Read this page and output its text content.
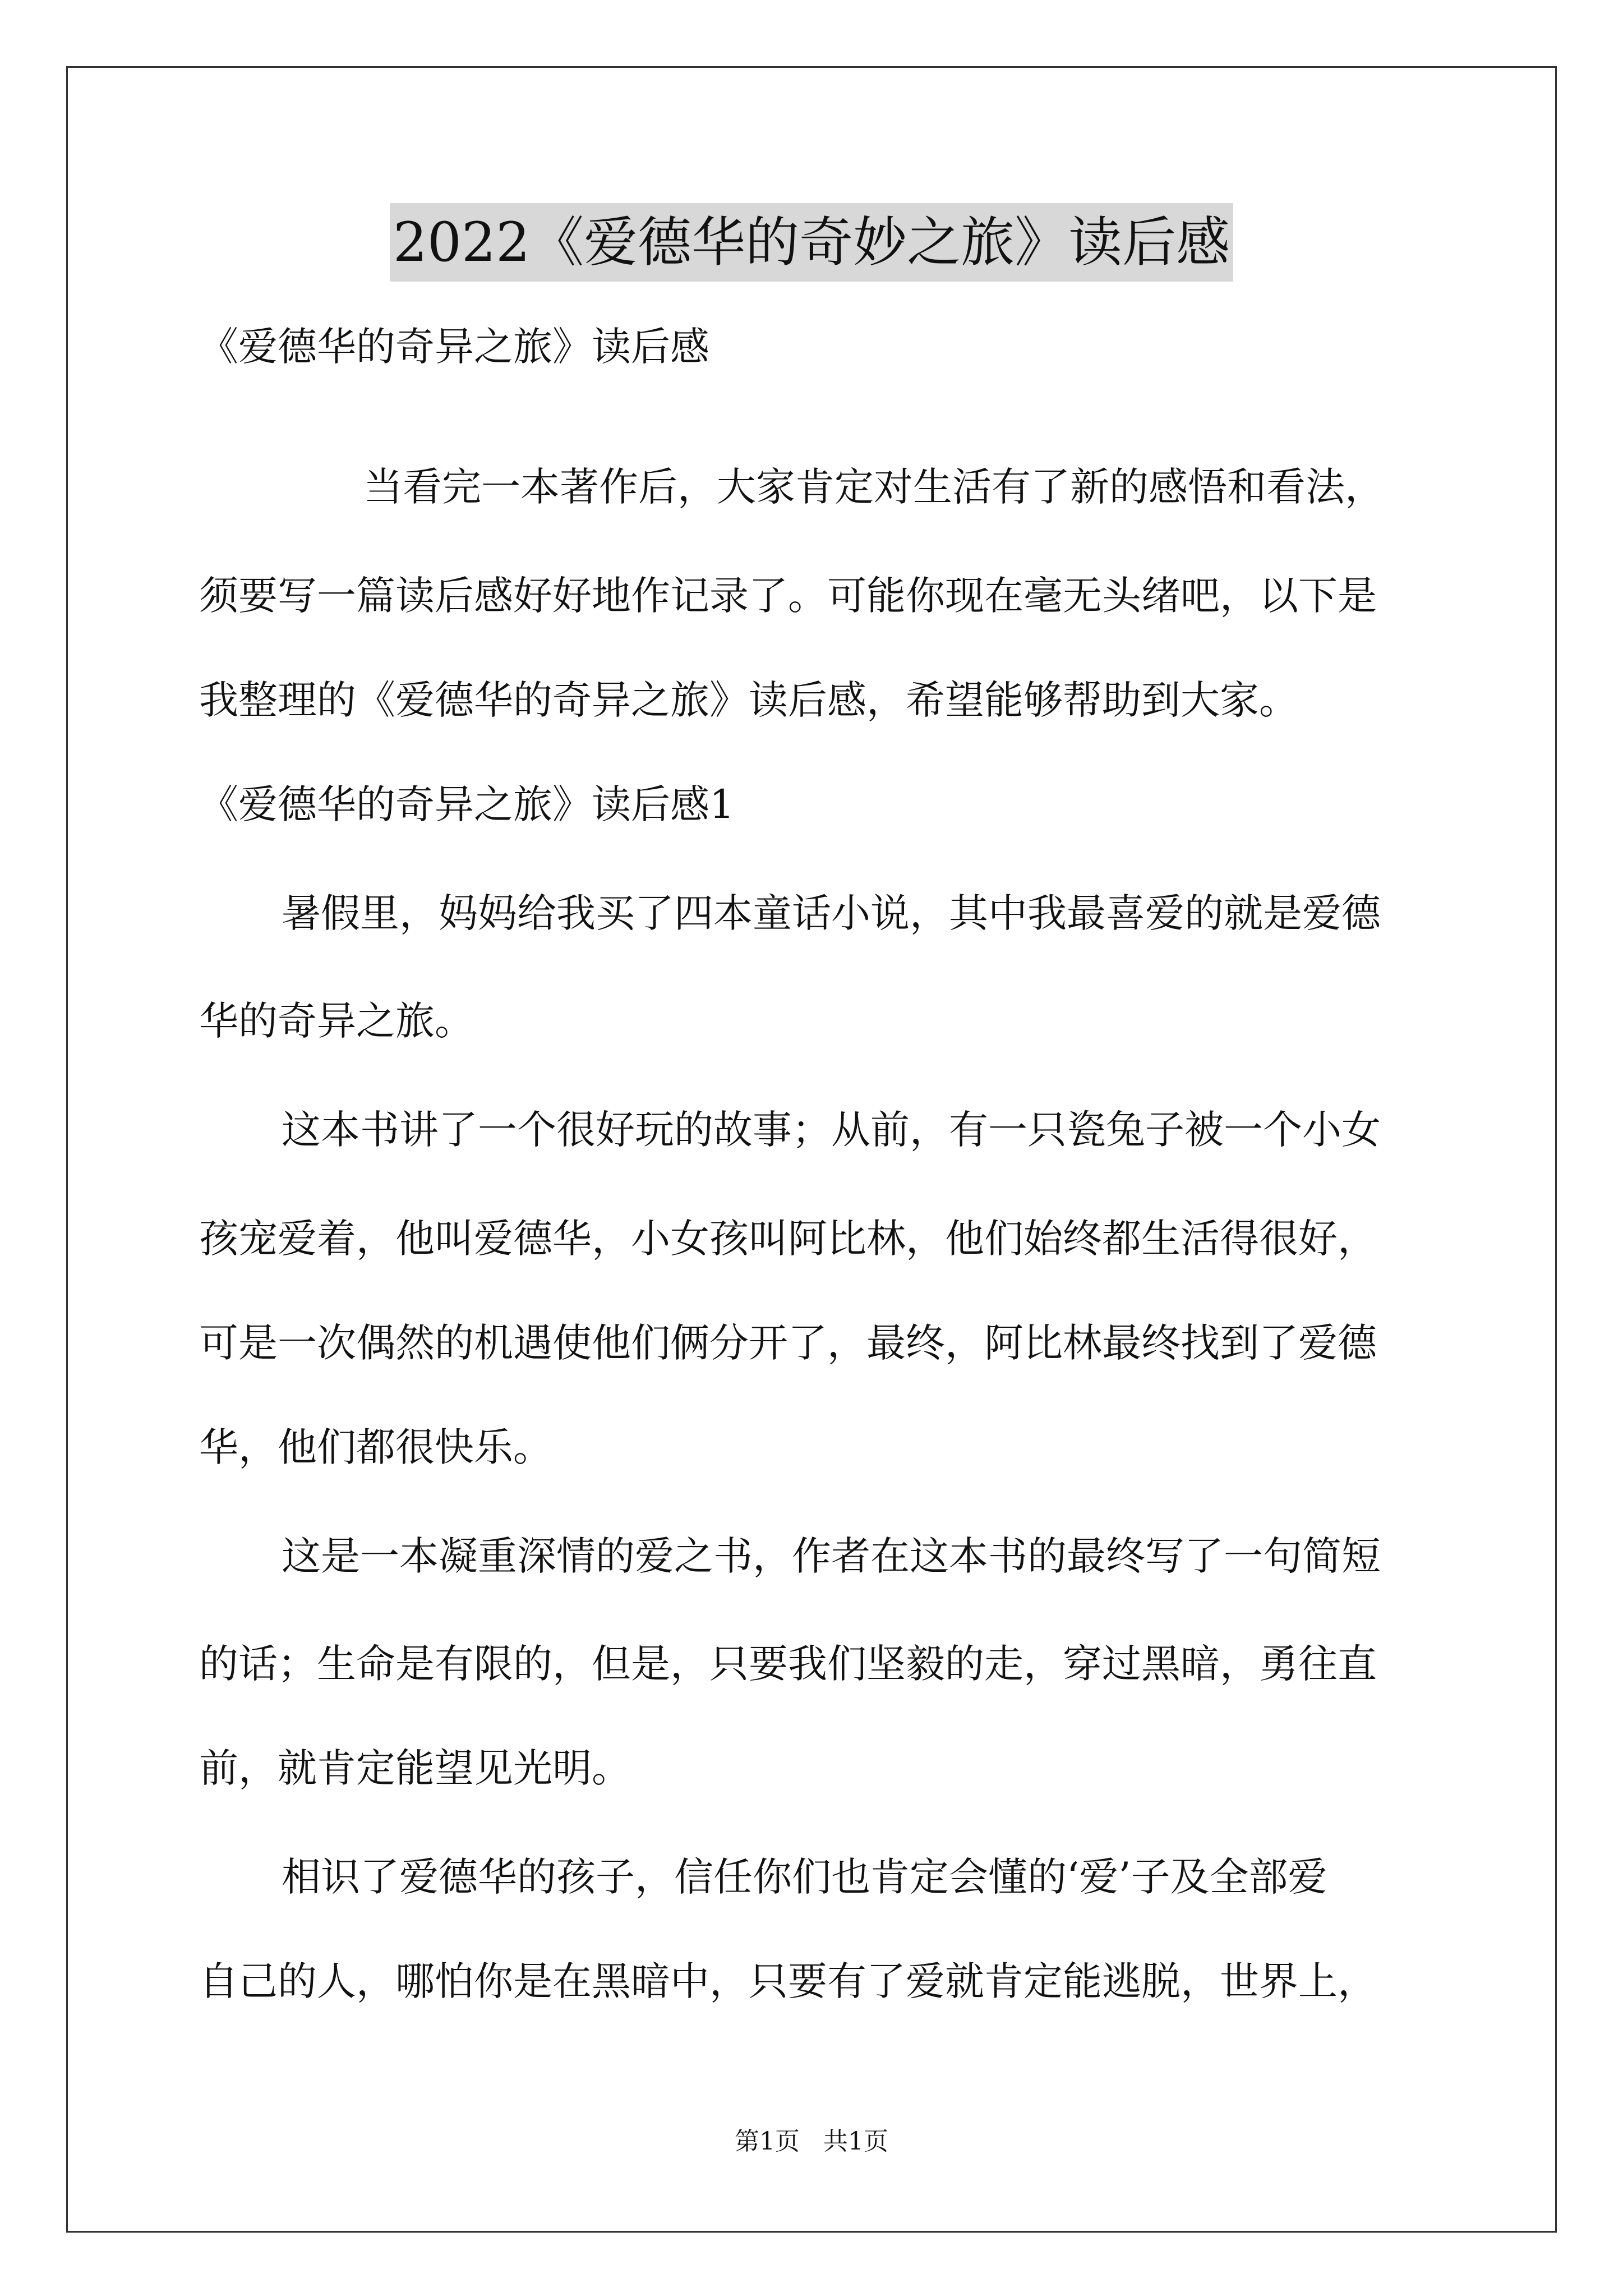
2022《爱德华的奇妙之旅》读后感
《爱德华的奇异之旅》读后感
当看完一本著作后，大家肯定对生活有了新的感悟和看法，
须要写一篇读后感好好地作记录了。可能你现在毫无头绪吧，以下是
我整理的《爱德华的奇异之旅》读后感，希望能够帮助到大家。
《爱德华的奇异之旅》读后感1
暑假里，妈妈给我买了四本童话小说，其中我最喜爱的就是爱德
华的奇异之旅。
这本书讲了一个很好玩的故事；从前，有一只瓷兔子被一个小女
孩宠爱着，他叫爱德华，小女孩叫阿比林，他们始终都生活得很好，
可是一次偶然的机遇使他们俩分开了，最终，阿比林最终找到了爱德
华，他们都很快乐。
这是一本凝重深情的爱之书，作者在这本书的最终写了一句简短
的话；生命是有限的，但是，只要我们坚毅的走，穿过黑暗，勇往直
前，就肯定能望见光明。
相识了爱德华的孩子，信任你们也肯定会懂的‘爱’子及全部爱
自己的人，哪怕你是在黑暗中，只要有了爱就肯定能逃脱，世界上，
第1页   共1页
